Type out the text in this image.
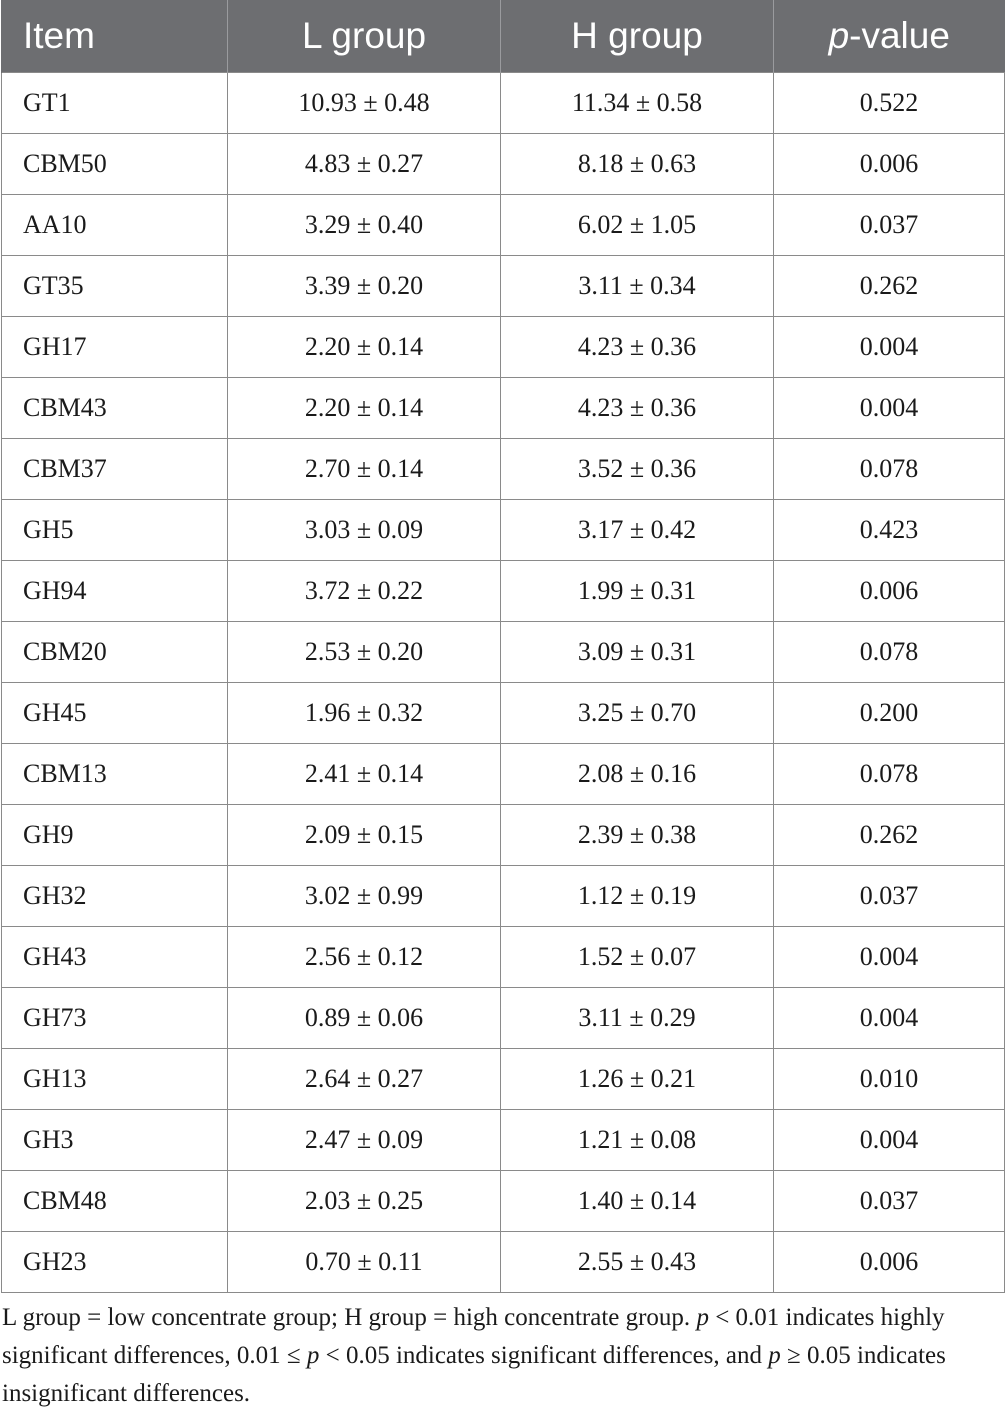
Item	L group	H group	p-value
GT1	10.93 ± 0.48	11.34 ± 0.58	0.522
CBM50	4.83 ± 0.27	8.18 ± 0.63	0.006
AA10	3.29 ± 0.40	6.02 ± 1.05	0.037
GT35	3.39 ± 0.20	3.11 ± 0.34	0.262
GH17	2.20 ± 0.14	4.23 ± 0.36	0.004
CBM43	2.20 ± 0.14	4.23 ± 0.36	0.004
CBM37	2.70 ± 0.14	3.52 ± 0.36	0.078
GH5	3.03 ± 0.09	3.17 ± 0.42	0.423
GH94	3.72 ± 0.22	1.99 ± 0.31	0.006
CBM20	2.53 ± 0.20	3.09 ± 0.31	0.078
GH45	1.96 ± 0.32	3.25 ± 0.70	0.200
CBM13	2.41 ± 0.14	2.08 ± 0.16	0.078
GH9	2.09 ± 0.15	2.39 ± 0.38	0.262
GH32	3.02 ± 0.99	1.12 ± 0.19	0.037
GH43	2.56 ± 0.12	1.52 ± 0.07	0.004
GH73	0.89 ± 0.06	3.11 ± 0.29	0.004
GH13	2.64 ± 0.27	1.26 ± 0.21	0.010
GH3	2.47 ± 0.09	1.21 ± 0.08	0.004
CBM48	2.03 ± 0.25	1.40 ± 0.14	0.037
GH23	0.70 ± 0.11	2.55 ± 0.43	0.006
L group = low concentrate group; H group = high concentrate group. p < 0.01 indicates highly significant differences, 0.01 ≤ p < 0.05 indicates significant differences, and p ≥ 0.05 indicates insignificant differences.
